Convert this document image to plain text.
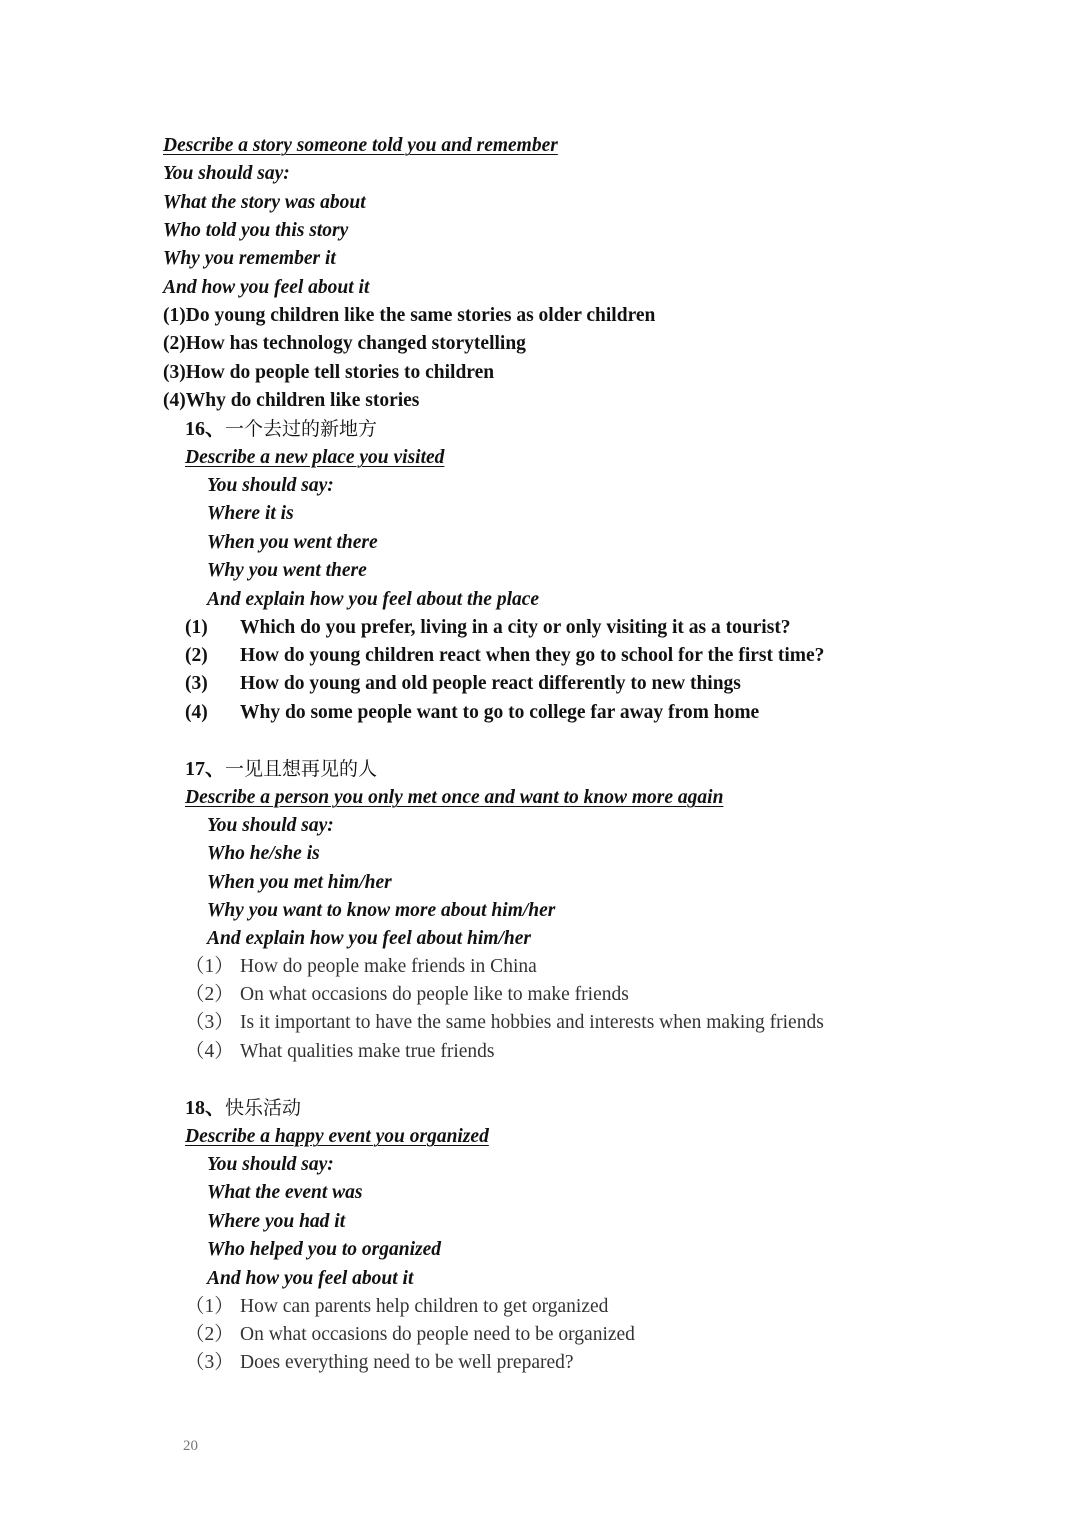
Describe a story someone told you and remember
You should say:
What the story was about
Who told you this story
Why you remember it
And how you feel about it
(1)Do young children like the same stories as older children
(2)How has technology changed storytelling
(3)How do people tell stories to children
(4)Why do children like stories
16、一个去过的新地方
Describe a new place you visited
You should say:
Where it is
When you went there
Why you went there
And explain how you feel about the place
(1) Which do you prefer, living in a city or only visiting it as a tourist?

(2) How do young children react when they go to school for the first time?

(3) How do young and old people react differently to new things

(4) Why do some people want to go to college far away from home

17、一见且想再见的人
Describe a person you only met once and want to know more again
You should say:
Who he/she is
When you met him/her
Why you want to know more about him/her
And explain how you feel about him/her
（1） How do people make friends in China

（2） On what occasions do people like to make friends

（3） Is it important to have the same hobbies and interests when making friends

（4） What qualities make true friends

18、快乐活动
Describe a happy event you organized
You should say:
What the event was
Where you had it
Who helped you to organized
And how you feel about it
（1） How can parents help children to get organized

（2） On what occasions do people need to be organized

（3） Does everything need to be well prepared?

20
